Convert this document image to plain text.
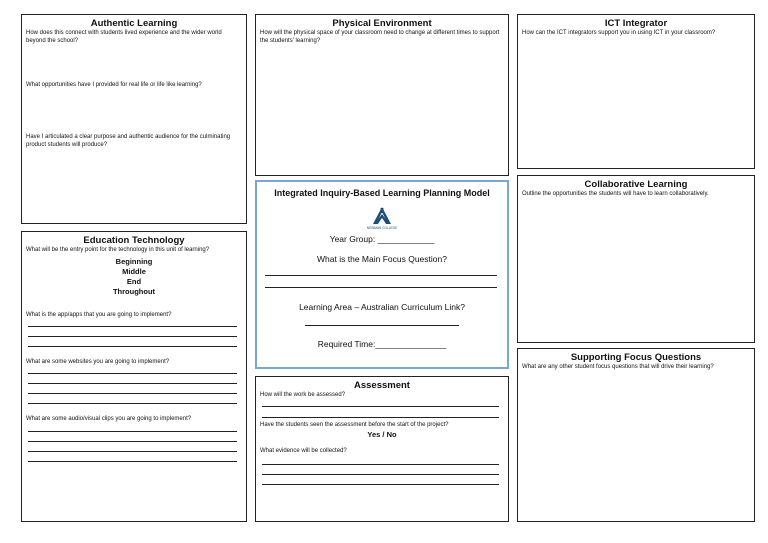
Authentic Learning
How does this connect with students lived experience and the wider world beyond the school?
What opportunities have I provided for real life or life like learning?
Have I articulated a clear purpose and authentic audience for the culminating product students will produce?
Physical Environment
How will the physical space of your classroom need to change at different times to support the students' learning?
ICT Integrator
How can the ICT integrators support you in using ICT in your classroom?
Education Technology
What will be the entry point for the technology in this unit of learning?
Beginning
Middle
End
Throughout
What is the app/apps that you are going to implement?
What are some websites you are going to implement?
What are some audio/visual clips you are going to implement?
Integrated Inquiry-Based Learning Planning Model
NEWMAN COLLEGE
Year Group: ____________
What is the Main Focus Question?
Learning Area – Australian Curriculum Link?
Required Time:_______________
Collaborative Learning
Outline the opportunities the students will have to learn collaboratively.
Assessment
How will the work be assessed?
Have the students seen the assessment before the start of the project?
Yes / No
What evidence will be collected?
Supporting Focus Questions
What are any other student focus questions that will drive their learning?
